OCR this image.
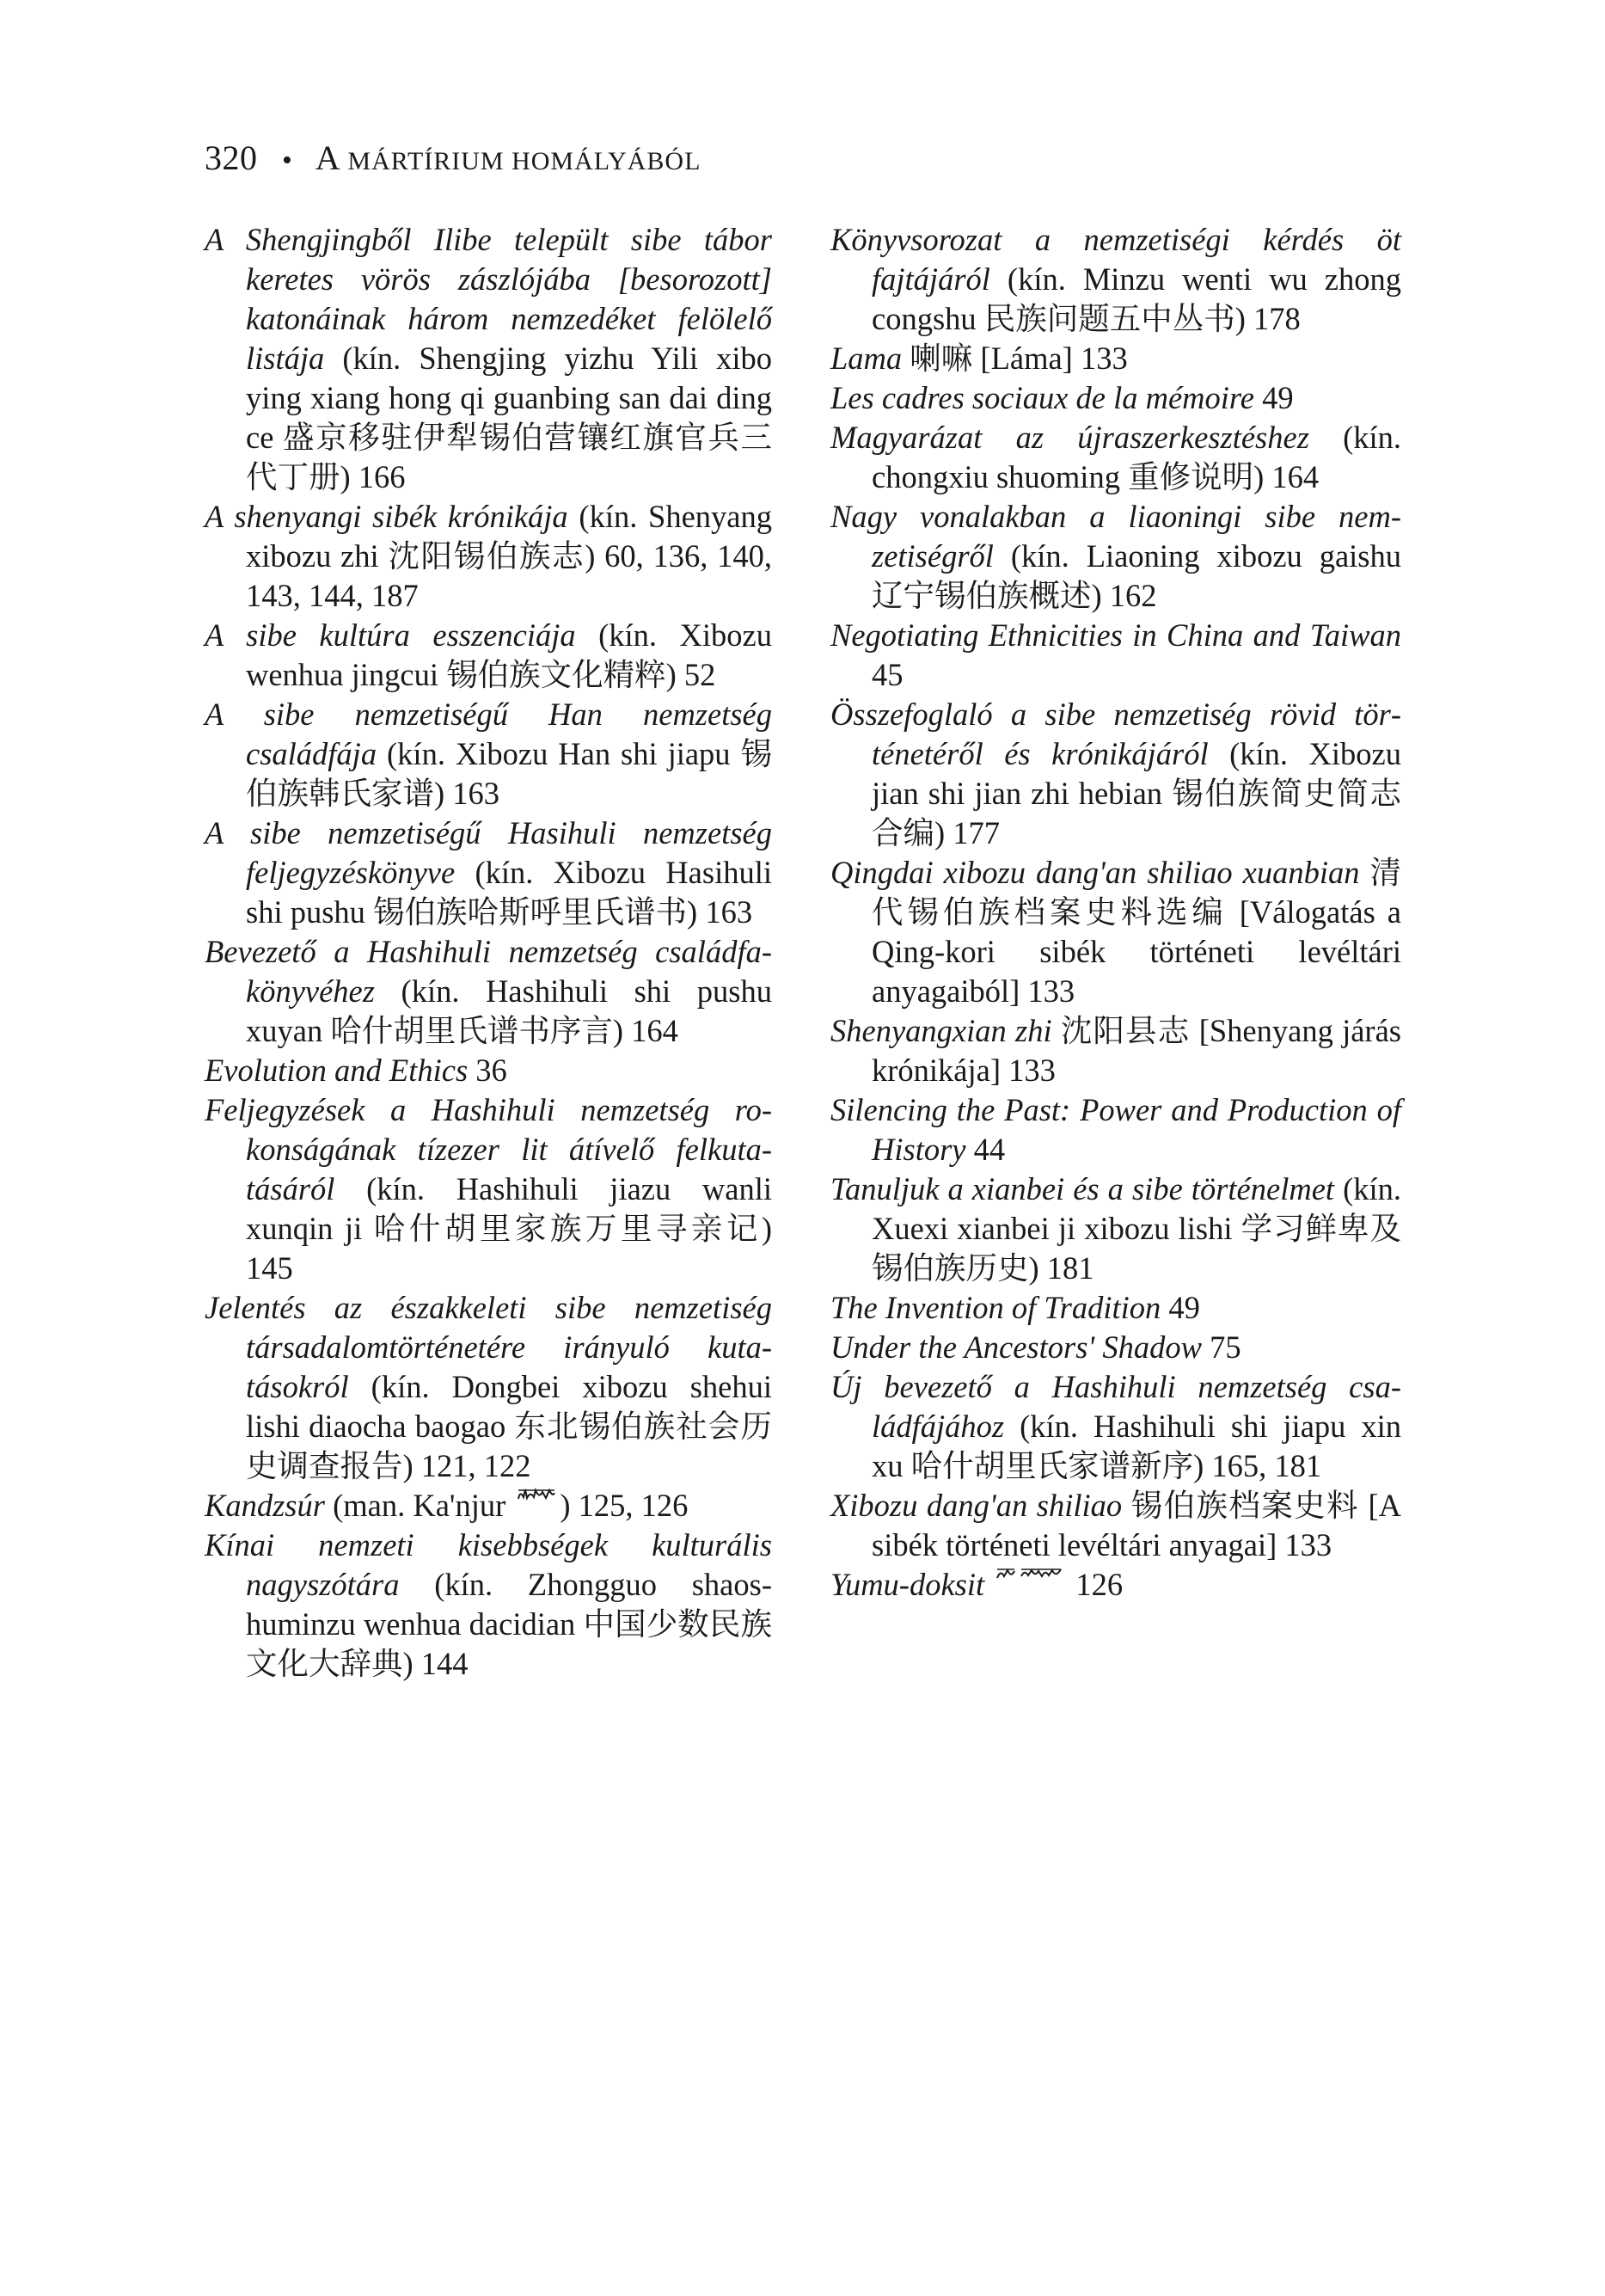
320 • A MÁRTÍRIUM HOMÁLYÁBÓL

A Shengjingből Ilibe települt sibe tábor keretes vörös zászlójába [besorozott] katonáinak három nemzedéket felölelő listája (kín. Shengjing yizhu Yili xibo ying xiang hong qi guanbing san dai ding ce 盛京移驻伊犁锡伯营镶红旗官兵三代丁册) 166

A shenyangi sibék krónikája (kín. Shenyang xibozu zhi 沈阳锡伯族志) 60, 136, 140, 143, 144, 187

A sibe kultúra esszenciája (kín. Xibozu wenhua jingcui 锡伯族文化精粹) 52

A sibe nemzetiségű Han nemzetség családfája (kín. Xibozu Han shi jiapu 锡伯族韩氏家谱) 163

A sibe nemzetiségű Hasihuli nemzetség feljegyzéskönyve (kín. Xibozu Hasihuli shi pushu 锡伯族哈斯呼里氏谱书) 163

Bevezető a Hashihuli nemzetség családfakönyvéhez (kín. Hashihuli shi pushu xuyan 哈什胡里氏谱书序言) 164

Evolution and Ethics 36

Feljegyzések a Hashihuli nemzetség rokonságának tízezer lit átívelő felkutatásáról (kín. Hashihuli jiazu wanli xunqin ji 哈什胡里家族万里寻亲记) 145

Jelentés az északkeleti sibe nemzetiség társadalomtörténetére irányuló kutatásokról (kín. Dongbei xibozu shehui lishi diaocha baogao 东北锡伯族社会历史调查报告) 121, 122

Kandzsúr (man. Ka'njur ) 125, 126

Kínai nemzeti kisebbségek kulturális nagyszótára (kín. Zhongguo shaoshuminzu wenhua dacidian 中国少数民族文化大辞典) 144

Könyvsorozat a nemzetiségi kérdés öt fajtájáról (kín. Minzu wenti wu zhong congshu 民族问题五中丛书) 178

Lama 喇嘛 [Láma] 133

Les cadres sociaux de la mémoire 49

Magyarázat az újraszerkesztéshez (kín. chongxiu shuoming 重修说明) 164

Nagy vonalakban a liaoningi sibe nemzetiségről (kín. Liaoning xibozu gaishu 辽宁锡伯族概述) 162

Negotiating Ethnicities in China and Taiwan 45

Összefoglaló a sibe nemzetiség rövid történetéről és krónikájáról (kín. Xibozu jian shi jian zhi hebian 锡伯族简史简志合编) 177

Qingdai xibozu dang'an shiliao xuanbian 清代锡伯族档案史料选编 [Válogatás a Qing-kori sibék történeti levéltári anyagaiból] 133

Shenyangxian zhi 沈阳县志 [Shenyang járás krónikája] 133

Silencing the Past: Power and Production of History 44

Tanuljuk a xianbei és a sibe történelmet (kín. Xuexi xianbei ji xibozu lishi 学习鲜卑及锡伯族历史) 181

The Invention of Tradition 49

Under the Ancestors' Shadow 75

Új bevezető a Hashihuli nemzetség családfájához (kín. Hashihuli shi jiapu xin xu 哈什胡里氏家谱新序) 165, 181

Xibozu dang'an shiliao 锡伯族档案史料 [A sibék történeti levéltári anyagai] 133

Yumu-doksit	126
